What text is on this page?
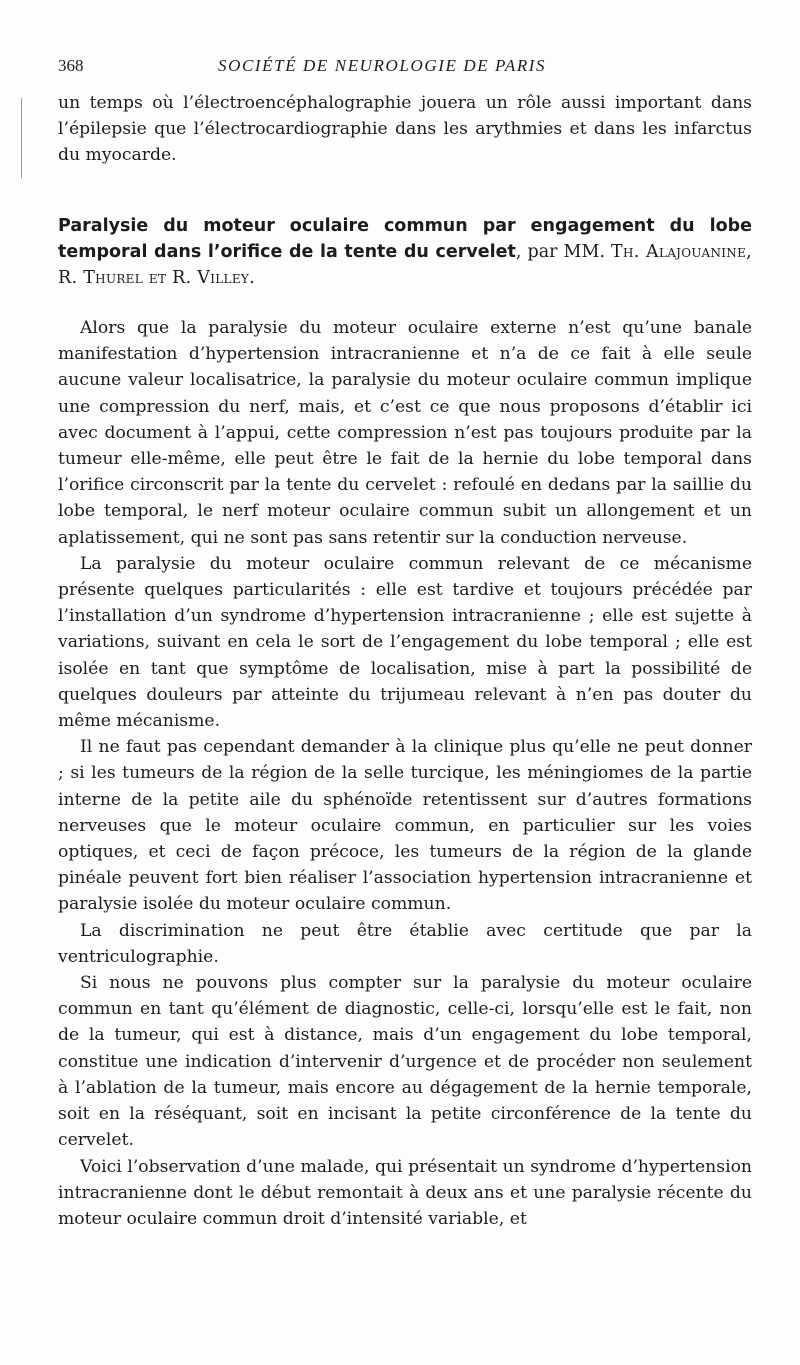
368	SOCIÉTÉ DE NEUROLOGIE DE PARIS

un temps où l’électroencéphalographie jouera un rôle aussi important dans l’épilepsie que l’électrocardiographie dans les arythmies et dans les infarctus du myocarde.

Paralysie du moteur oculaire commun par engagement du lobe temporal dans l’orifice de la tente du cervelet, par MM. Th. Alajouanine, R. Thurel et R. Villey.

Alors que la paralysie du moteur oculaire externe n’est qu’une banale manifestation d’hypertension intracranienne et n’a de ce fait à elle seule aucune valeur localisatrice, la paralysie du moteur oculaire commun implique une compression du nerf, mais, et c’est ce que nous proposons d’établir ici avec document à l’appui, cette compression n’est pas toujours produite par la tumeur elle-même, elle peut être le fait de la hernie du lobe temporal dans l’orifice circonscrit par la tente du cervelet : refoulé en dedans par la saillie du lobe temporal, le nerf moteur oculaire commun subit un allongement et un aplatissement, qui ne sont pas sans retentir sur la conduction nerveuse.

La paralysie du moteur oculaire commun relevant de ce mécanisme présente quelques particularités : elle est tardive et toujours précédée par l’installation d’un syndrome d’hypertension intracranienne ; elle est sujette à variations, suivant en cela le sort de l’engagement du lobe temporal ; elle est isolée en tant que symptôme de localisation, mise à part la possibilité de quelques douleurs par atteinte du trijumeau relevant à n’en pas douter du même mécanisme.

Il ne faut pas cependant demander à la clinique plus qu’elle ne peut donner ; si les tumeurs de la région de la selle turcique, les méningiomes de la partie interne de la petite aile du sphénoïde retentissent sur d’autres formations nerveuses que le moteur oculaire commun, en particulier sur les voies optiques, et ceci de façon précoce, les tumeurs de la région de la glande pinéale peuvent fort bien réaliser l’association hypertension intracranienne et paralysie isolée du moteur oculaire commun.

La discrimination ne peut être établie avec certitude que par la ventriculographie.

Si nous ne pouvons plus compter sur la paralysie du moteur oculaire commun en tant qu’élément de diagnostic, celle-ci, lorsqu’elle est le fait, non de la tumeur, qui est à distance, mais d’un engagement du lobe temporal, constitue une indication d’intervenir d’urgence et de procéder non seulement à l’ablation de la tumeur, mais encore au dégagement de la hernie temporale, soit en la réséquant, soit en incisant la petite circonférence de la tente du cervelet.

Voici l’observation d’une malade, qui présentait un syndrome d’hypertension intracranienne dont le début remontait à deux ans et une paralysie récente du moteur oculaire commun droit d’intensité variable, et
